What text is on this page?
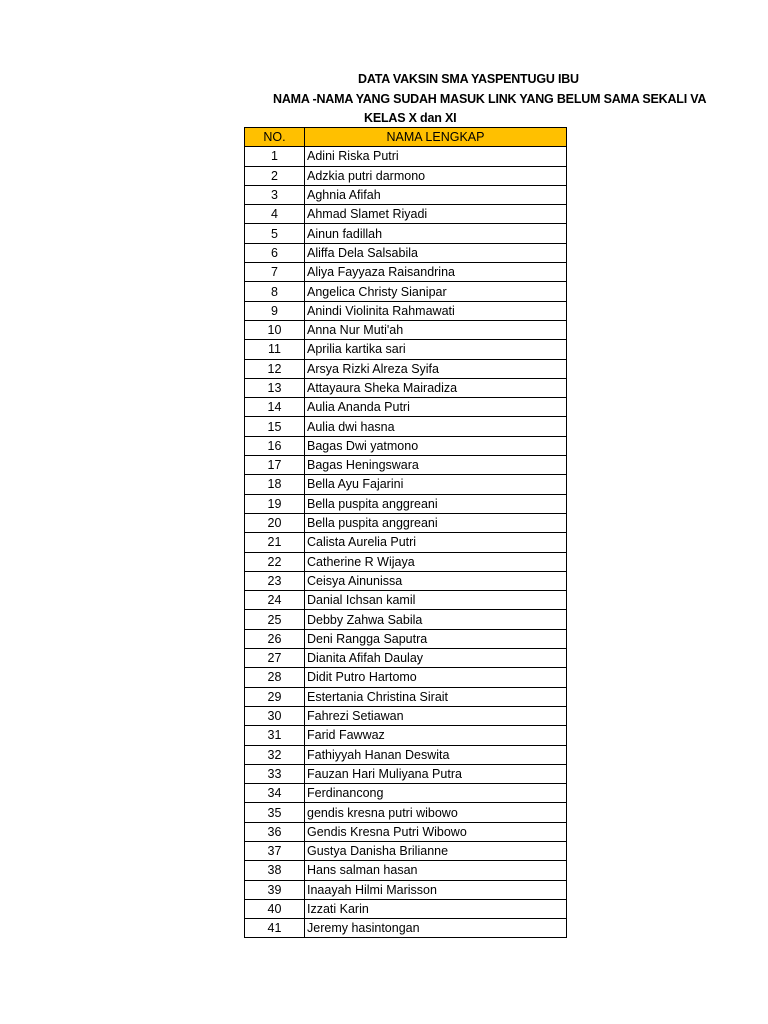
DATA VAKSIN SMA YASPENTUGU IBU
NAMA -NAMA YANG SUDAH MASUK LINK YANG BELUM SAMA SEKALI VA
KELAS X dan XI
NO.	NAMA LENGKAP
1	Adini Riska Putri
2	Adzkia putri darmono
3	Aghnia Afifah
4	Ahmad Slamet Riyadi
5	Ainun fadillah
6	Aliffa Dela Salsabila
7	Aliya Fayyaza Raisandrina
8	Angelica Christy Sianipar
9	Anindi Violinita Rahmawati
10	Anna Nur Muti'ah
11	Aprilia kartika sari
12	Arsya Rizki Alreza Syifa
13	Attayaura Sheka Mairadiza
14	Aulia Ananda Putri
15	Aulia dwi hasna
16	Bagas Dwi yatmono
17	Bagas Heningswara
18	Bella Ayu Fajarini
19	Bella puspita anggreani
20	Bella puspita anggreani
21	Calista Aurelia Putri
22	Catherine R Wijaya
23	Ceisya Ainunissa
24	Danial Ichsan kamil
25	Debby Zahwa Sabila
26	Deni Rangga Saputra
27	Dianita Afifah Daulay
28	Didit Putro Hartomo
29	Estertania Christina Sirait
30	Fahrezi Setiawan
31	Farid Fawwaz
32	Fathiyyah Hanan Deswita
33	Fauzan Hari Muliyana Putra
34	Ferdinancong
35	gendis kresna putri wibowo
36	Gendis Kresna Putri Wibowo
37	Gustya Danisha Brilianne
38	Hans salman hasan
39	Inaayah Hilmi Marisson
40	Izzati Karin
41	Jeremy hasintongan
